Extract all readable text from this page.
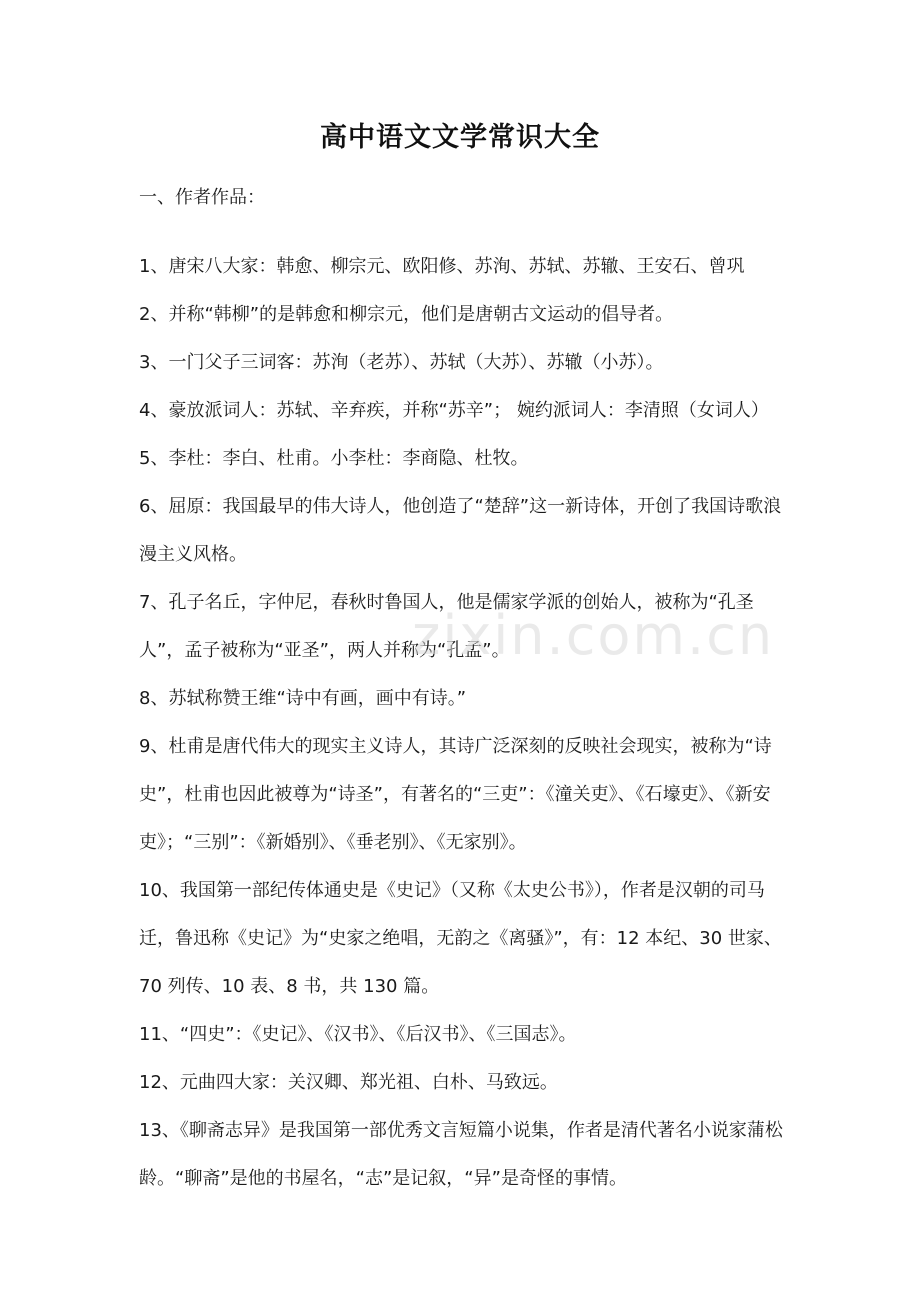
高中语文文学常识大全
一、作者作品：

1、唐宋八大家：韩愈、柳宗元、欧阳修、苏洵、苏轼、苏辙、王安石、曾巩

2、并称“韩柳”的是韩愈和柳宗元，他们是唐朝古文运动的倡导者。

3、一门父子三词客：苏洵（老苏）、苏轼（大苏）、苏辙（小苏）。

4、豪放派词人：苏轼、辛弃疾，并称“苏辛”； 婉约派词人：李清照（女词人）

5、李杜：李白、杜甫。小李杜：李商隐、杜牧。

6、屈原：我国最早的伟大诗人，他创造了“楚辞”这一新诗体，开创了我国诗歌浪漫主义风格。

7、孔子名丘，字仲尼，春秋时鲁国人，他是儒家学派的创始人，被称为“孔圣人”，孟子被称为“亚圣”，两人并称为“孔孟”。

8、苏轼称赞王维“诗中有画，画中有诗。”

9、杜甫是唐代伟大的现实主义诗人，其诗广泛深刻的反映社会现实，被称为“诗史”，杜甫也因此被尊为“诗圣”，有著名的“三吏”：《潼关吏》、《石壕吏》、《新安吏》；“三别”：《新婚别》、《垂老别》、《无家别》。

10、我国第一部纪传体通史是《史记》（又称《太史公书》），作者是汉朝的司马迁，鲁迅称《史记》为“史家之绝唱，无韵之《离骚》”，有：12 本纪、30 世家、70 列传、10 表、8 书，共 130 篇。

11、“四史”：《史记》、《汉书》、《后汉书》、《三国志》。

12、元曲四大家：关汉卿、郑光祖、白朴、马致远。

13、《聊斋志异》是我国第一部优秀文言短篇小说集，作者是清代著名小说家蒲松龄。“聊斋”是他的书屋名，“志”是记叙，“异”是奇怪的事情。

zixin.com.cn
